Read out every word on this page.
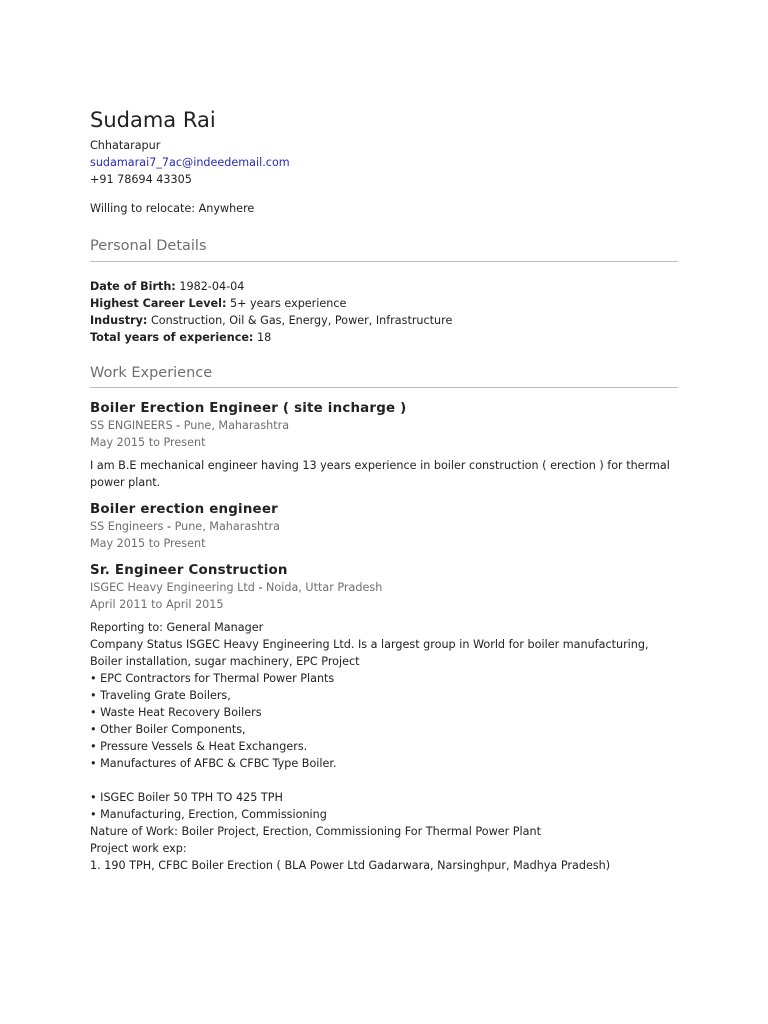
Sudama Rai
Chhatarapur
sudamarai7_7ac@indeedemail.com
+91 78694 43305
Willing to relocate: Anywhere
Personal Details
Date of Birth: 1982-04-04
Highest Career Level: 5+ years experience
Industry: Construction, Oil & Gas, Energy, Power, Infrastructure
Total years of experience: 18
Work Experience
Boiler Erection Engineer ( site incharge )
SS ENGINEERS - Pune, Maharashtra
May 2015 to Present
I am B.E mechanical engineer having 13 years experience in boiler construction ( erection ) for thermal power plant.
Boiler erection engineer
SS Engineers - Pune, Maharashtra
May 2015 to Present
Sr. Engineer Construction
ISGEC Heavy Engineering Ltd - Noida, Uttar Pradesh
April 2011 to April 2015
Reporting to: General Manager
Company Status ISGEC Heavy Engineering Ltd. Is a largest group in World for boiler manufacturing, Boiler installation, sugar machinery, EPC Project
• EPC Contractors for Thermal Power Plants
• Traveling Grate Boilers,
• Waste Heat Recovery Boilers
• Other Boiler Components,
• Pressure Vessels & Heat Exchangers.
• Manufactures of AFBC & CFBC Type Boiler.
• ISGEC Boiler 50 TPH TO 425 TPH
• Manufacturing, Erection, Commissioning
Nature of Work: Boiler Project, Erection, Commissioning For Thermal Power Plant
Project work exp:
1. 190 TPH, CFBC Boiler Erection ( BLA Power Ltd Gadarwara, Narsinghpur, Madhya Pradesh)
